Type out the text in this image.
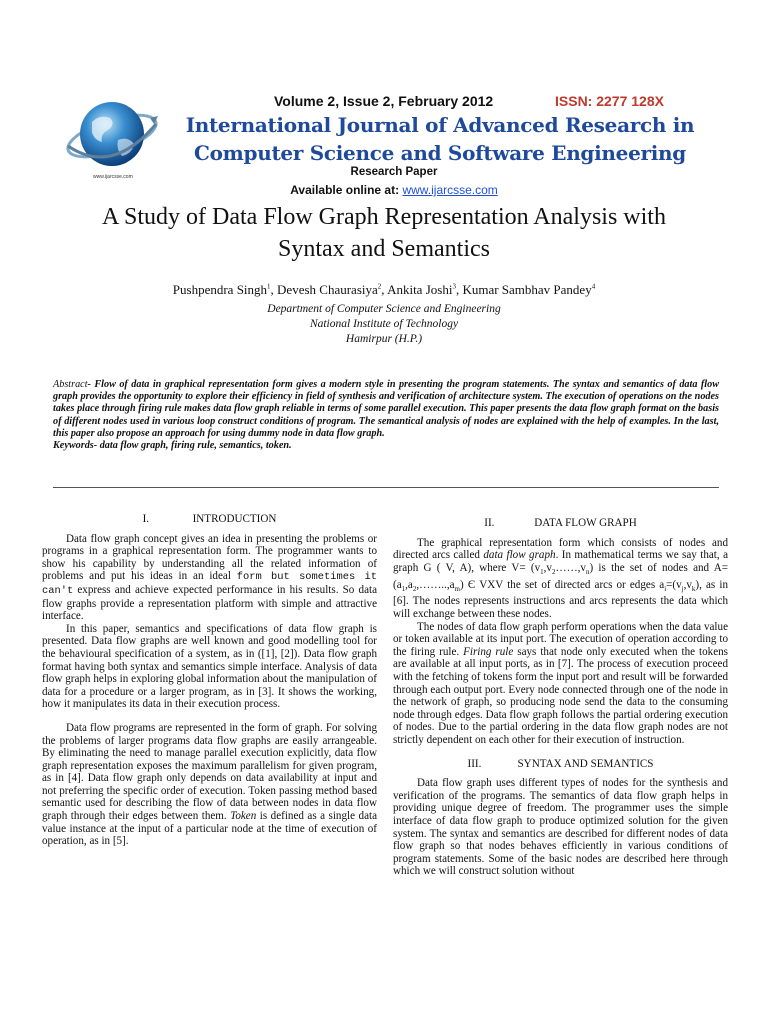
www.ijarcsse.com
Volume 2, Issue 2, February 2012	ISSN: 2277 128X
International Journal of Advanced Research in
Computer Science and Software Engineering
Research Paper
Available online at: www.ijarcsse.com
A Study of Data Flow Graph Representation Analysis with
Syntax and Semantics
Pushpendra Singh$^1$, Devesh Chaurasiya$^2$, Ankita Joshi$^3$, Kumar Sambhav Pandey$^4$
Department of Computer Science and Engineering
National Institute of Technology
Hamirpur (H.P.)
Abstract- Flow of data in graphical representation form gives a modern style in presenting the program statements. The syntax and semantics of data flow graph provides the opportunity to explore their efficiency in field of synthesis and verification of architecture system. The execution of operations on the nodes takes place through firing rule makes data flow graph reliable in terms of some parallel execution. This paper presents the data flow graph format on the basis of different nodes used in various loop construct conditions of program. The semantical analysis of nodes are explained with the help of examples. In the last, this paper also propose an approach for using dummy node in data flow graph.
Keywords- data flow graph, firing rule, semantics, token.
I.	INTRODUCTION

Data flow graph concept gives an idea in presenting the problems or programs in a graphical representation form. The programmer wants to show his capability by understanding all the related information of problems and put his ideas in an ideal form but sometimes it can't express and achieve expected performance in his results. So data flow graphs provide a representation platform with simple and attractive interface.

In this paper, semantics and specifications of data flow graph is presented. Data flow graphs are well known and good modelling tool for the behavioural specification of a system, as in ([1], [2]). Data flow graph format having both syntax and semantics simple interface. Analysis of data flow graph helps in exploring global information about the manipulation of data for a procedure or a larger program, as in [3]. It shows the working, how it manipulates its data in their execution process.

Data flow programs are represented in the form of graph. For solving the problems of larger programs data flow graphs are easily arrangeable. By eliminating the need to manage parallel execution explicitly, data flow graph representation exposes the maximum parallelism for given program, as in [4]. Data flow graph only depends on data availability at input and not preferring the specific order of execution. Token passing method based semantic used for describing the flow of data between nodes in data flow graph through their edges between them. Token is defined as a single data value instance at the input of a particular node at the time of execution of operation, as in [5].

II.	DATA FLOW GRAPH

The graphical representation form which consists of nodes and directed arcs called data flow graph. In mathematical terms we say that, a graph G ( V, A), where $V= (v_1,v_2\dots\dots,v_n)$ is the set of nodes and $A=(a_1,a_2,\dots\dots..,a_m)$ Є VXV the set of directed arcs or edges $a_i=(v_j,v_k)$, as in [6]. The nodes represents instructions and arcs represents the data which will exchange between these nodes.

The nodes of data flow graph perform operations when the data value or token available at its input port. The execution of operation according to the firing rule. Firing rule says that node only executed when the tokens are available at all input ports, as in [7]. The process of execution proceed with the fetching of tokens form the input port and result will be forwarded through each output port. Every node connected through one of the node in the network of graph, so producing node send the data to the consuming node through edges. Data flow graph follows the partial ordering execution of nodes. Due to the partial ordering in the data flow graph nodes are not strictly dependent on each other for their execution of instruction.

III.	SYNTAX AND SEMANTICS

Data flow graph uses different types of nodes for the synthesis and verification of the programs. The semantics of data flow graph helps in providing unique degree of freedom. The programmer uses the simple interface of data flow graph to produce optimized solution for the given system. The syntax and semantics are described for different nodes of data flow graph so that nodes behaves efficiently in various conditions of program statements. Some of the basic nodes are described here through which we will construct solution without
